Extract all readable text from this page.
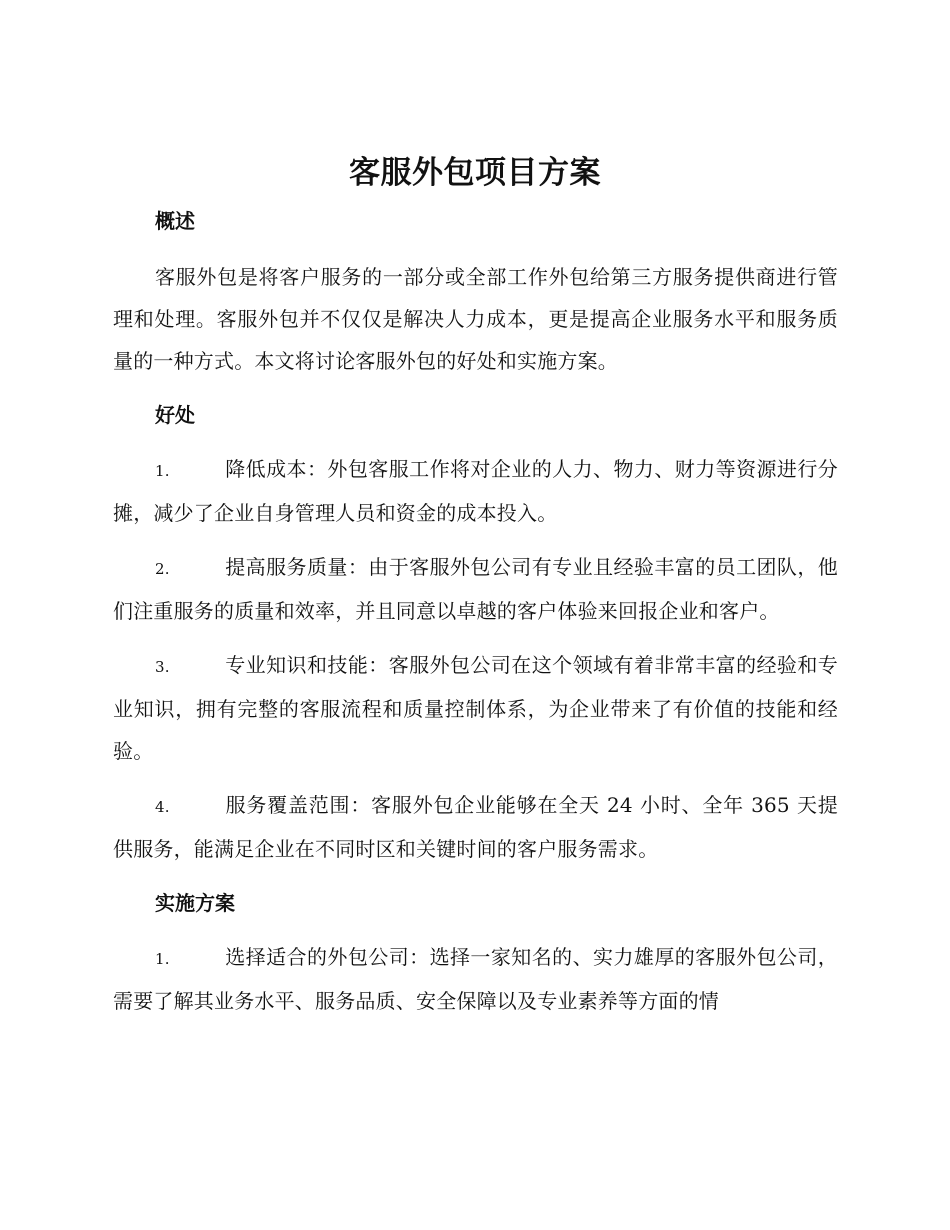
客服外包项目方案
概述

客服外包是将客户服务的一部分或全部工作外包给第三方服务提供商进行管理和处理。客服外包并不仅仅是解决人力成本，更是提高企业服务水平和服务质量的一种方式。本文将讨论客服外包的好处和实施方案。

好处

1.	降低成本：外包客服工作将对企业的人力、物力、财力等资源进行分摊，减少了企业自身管理人员和资金的成本投入。

2.	提高服务质量：由于客服外包公司有专业且经验丰富的员工团队，他们注重服务的质量和效率，并且同意以卓越的客户体验来回报企业和客户。

3.	专业知识和技能：客服外包公司在这个领域有着非常丰富的经验和专业知识，拥有完整的客服流程和质量控制体系，为企业带来了有价值的技能和经验。

4.	服务覆盖范围：客服外包企业能够在全天 24 小时、全年 365 天提供服务，能满足企业在不同时区和关键时间的客户服务需求。

实施方案

1.	选择适合的外包公司：选择一家知名的、实力雄厚的客服外包公司，需要了解其业务水平、服务品质、安全保障以及专业素养等方面的情
